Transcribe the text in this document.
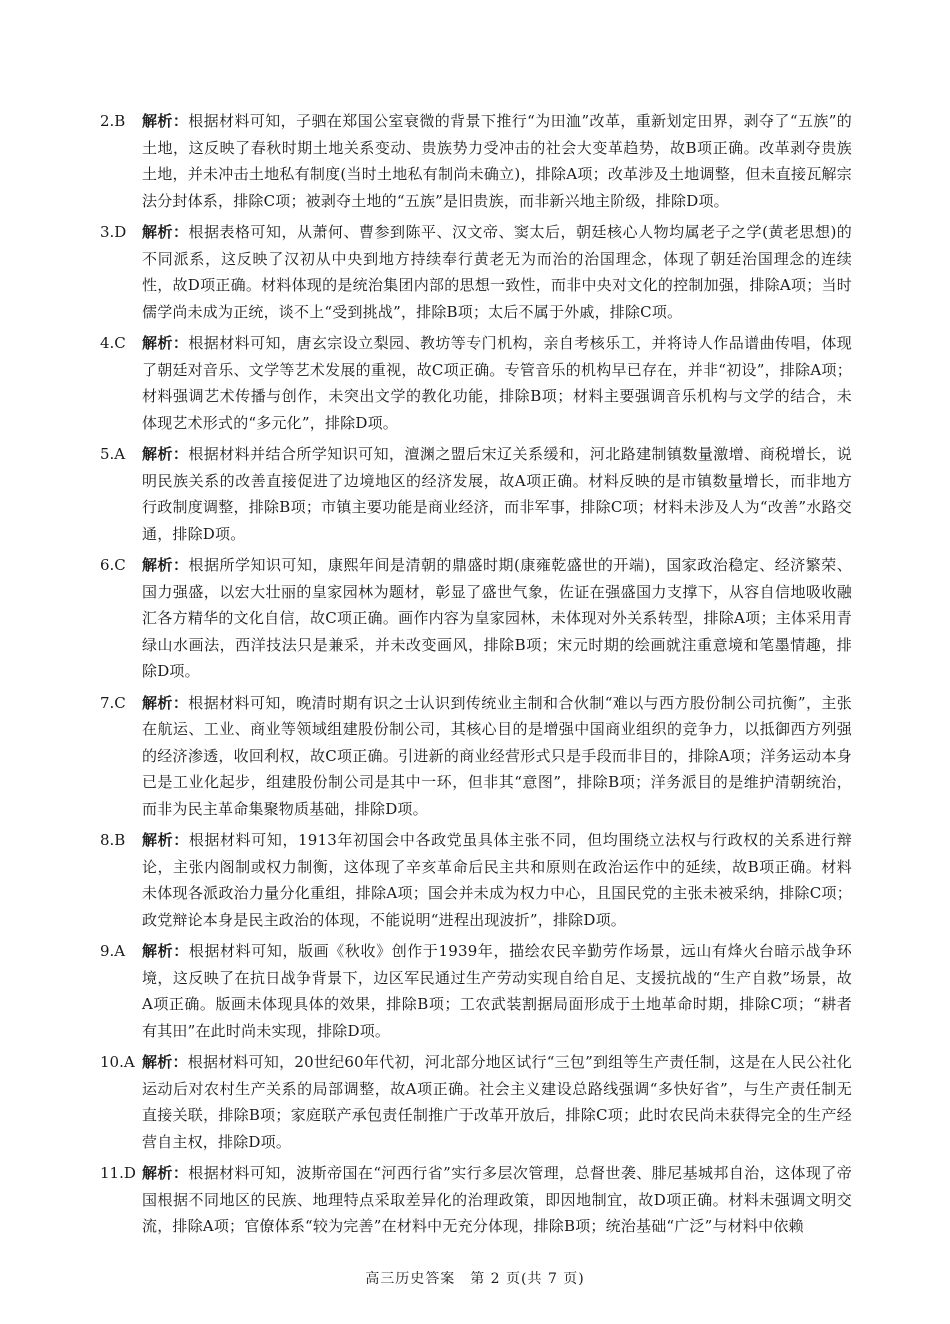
2.B 解析：根据材料可知，子驷在郑国公室衰微的背景下推行“为田洫”改革，重新划定田界，剥夺了“五族”的土地，这反映了春秋时期土地关系变动、贵族势力受冲击的社会大变革趋势，故B项正确。改革剥夺贵族土地，并未冲击土地私有制度(当时土地私有制尚未确立)，排除A项；改革涉及土地调整，但未直接瓦解宗法分封体系，排除C项；被剥夺土地的“五族”是旧贵族，而非新兴地主阶级，排除D项。
3.D 解析：根据表格可知，从萧何、曹参到陈平、汉文帝、窦太后，朝廷核心人物均属老子之学(黄老思想)的不同派系，这反映了汉初从中央到地方持续奉行黄老无为而治的治国理念，体现了朝廷治国理念的连续性，故D项正确。材料体现的是统治集团内部的思想一致性，而非中央对文化的控制加强，排除A项；当时儒学尚未成为正统，谈不上“受到挑战”，排除B项；太后不属于外戚，排除C项。
4.C 解析：根据材料可知，唐玄宗设立梨园、教坊等专门机构，亲自考核乐工，并将诗人作品谱曲传唱，体现了朝廷对音乐、文学等艺术发展的重视，故C项正确。专管音乐的机构早已存在，并非“初设”，排除A项；材料强调艺术传播与创作，未突出文学的教化功能，排除B项；材料主要强调音乐机构与文学的结合，未体现艺术形式的“多元化”，排除D项。
5.A 解析：根据材料并结合所学知识可知，澶渊之盟后宋辽关系缓和，河北路建制镇数量激增、商税增长，说明民族关系的改善直接促进了边境地区的经济发展，故A项正确。材料反映的是市镇数量增长，而非地方行政制度调整，排除B项；市镇主要功能是商业经济，而非军事，排除C项；材料未涉及人为“改善”水路交通，排除D项。
6.C 解析：根据所学知识可知，康熙年间是清朝的鼎盛时期(康雍乾盛世的开端)，国家政治稳定、经济繁荣、国力强盛，以宏大壮丽的皇家园林为题材，彰显了盛世气象，佐证在强盛国力支撑下，从容自信地吸收融汇各方精华的文化自信，故C项正确。画作内容为皇家园林，未体现对外关系转型，排除A项；主体采用青绿山水画法，西洋技法只是兼采，并未改变画风，排除B项；宋元时期的绘画就注重意境和笔墨情趣，排除D项。
7.C 解析：根据材料可知，晚清时期有识之士认识到传统业主制和合伙制“难以与西方股份制公司抗衡”，主张在航运、工业、商业等领域组建股份制公司，其核心目的是增强中国商业组织的竞争力，以抵御西方列强的经济渗透，收回利权，故C项正确。引进新的商业经营形式只是手段而非目的，排除A项；洋务运动本身已是工业化起步，组建股份制公司是其中一环，但非其“意图”，排除B项；洋务派目的是维护清朝统治，而非为民主革命集聚物质基础，排除D项。
8.B 解析：根据材料可知，1913年初国会中各政党虽具体主张不同，但均围绕立法权与行政权的关系进行辩论，主张内阁制或权力制衡，这体现了辛亥革命后民主共和原则在政治运作中的延续，故B项正确。材料未体现各派政治力量分化重组，排除A项；国会并未成为权力中心，且国民党的主张未被采纳，排除C项；政党辩论本身是民主政治的体现，不能说明“进程出现波折”，排除D项。
9.A 解析：根据材料可知，版画《秋收》创作于1939年，描绘农民辛勤劳作场景，远山有烽火台暗示战争环境，这反映了在抗日战争背景下，边区军民通过生产劳动实现自给自足、支援抗战的“生产自救”场景，故A项正确。版画未体现具体的效果，排除B项；工农武装割据局面形成于土地革命时期，排除C项；“耕者有其田”在此时尚未实现，排除D项。
10.A 解析：根据材料可知，20世纪60年代初，河北部分地区试行“三包”到组等生产责任制，这是在人民公社化运动后对农村生产关系的局部调整，故A项正确。社会主义建设总路线强调“多快好省”，与生产责任制无直接关联，排除B项；家庭联产承包责任制推广于改革开放后，排除C项；此时农民尚未获得完全的生产经营自主权，排除D项。
11.D 解析：根据材料可知，波斯帝国在“河西行省”实行多层次管理，总督世袭、腓尼基城邦自治，这体现了帝国根据不同地区的民族、地理特点采取差异化的治理政策，即因地制宜，故D项正确。材料未强调文明交流，排除A项；官僚体系“较为完善”在材料中无充分体现，排除B项；统治基础“广泛”与材料中依赖
高三历史答案　第 2 页(共 7 页)
